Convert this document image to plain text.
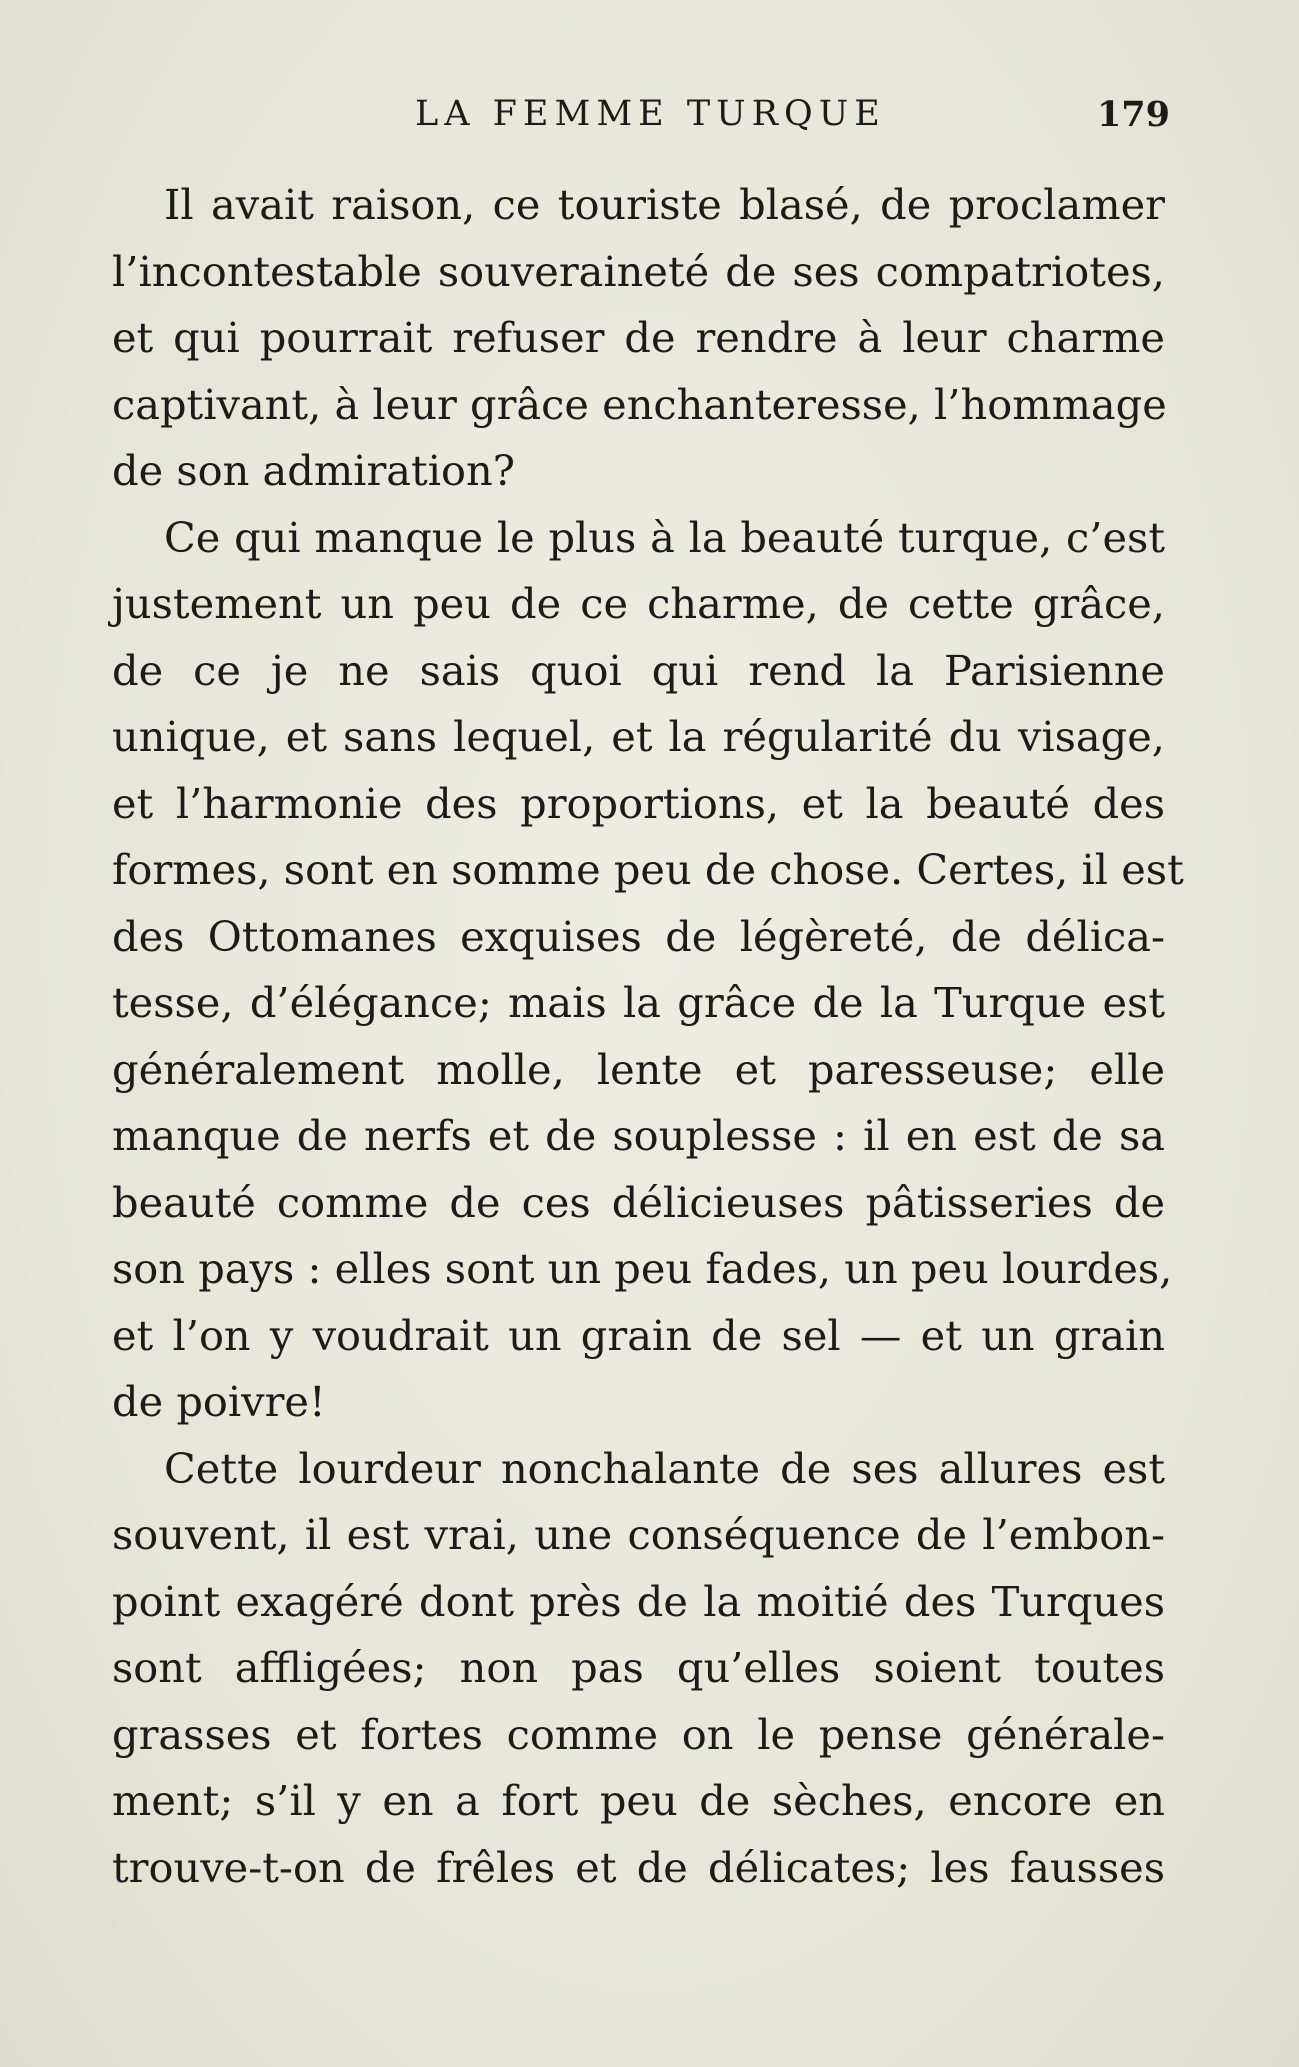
LA FEMME TURQUE	179
Il avait raison, ce touriste blasé, de proclamer
l’incontestable souveraineté de ses compatriotes,
et qui pourrait refuser de rendre à leur charme
captivant, à leur grâce enchanteresse, l’hommage
de son admiration?
Ce qui manque le plus à la beauté turque, c’est
justement un peu de ce charme, de cette grâce,
de ce je ne sais quoi qui rend la Parisienne
unique, et sans lequel, et la régularité du visage,
et l’harmonie des proportions, et la beauté des
formes, sont en somme peu de chose. Certes, il est
des Ottomanes exquises de légèreté, de délica-
tesse, d’élégance; mais la grâce de la Turque est
généralement molle, lente et paresseuse; elle
manque de nerfs et de souplesse : il en est de sa
beauté comme de ces délicieuses pâtisseries de
son pays : elles sont un peu fades, un peu lourdes,
et l’on y voudrait un grain de sel — et un grain
de poivre!
Cette lourdeur nonchalante de ses allures est
souvent, il est vrai, une conséquence de l’embon-
point exagéré dont près de la moitié des Turques
sont affligées; non pas qu’elles soient toutes
grasses et fortes comme on le pense générale-
ment; s’il y en a fort peu de sèches, encore en
trouve-t-on de frêles et de délicates; les fausses
